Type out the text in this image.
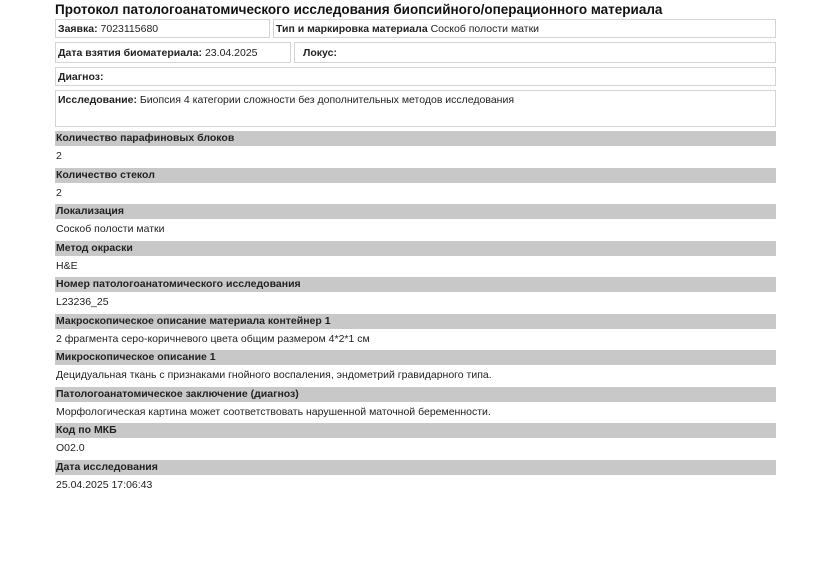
Протокол патологоанатомического исследования биопсийного/операционного материала
Заявка: 7023115680	Тип и маркировка материала Соскоб полости матки
Дата взятия биоматериала: 23.04.2025	Локус:
Диагноз:
Исследование: Биопсия 4 категории сложности без дополнительных методов исследования
Количество парафиновых блоков
2
Количество стекол
2
Локализация
Соскоб полости матки
Метод окраски
H&E
Номер патологоанатомического исследования
L23236_25
Макроскопическое описание материала контейнер 1
2 фрагмента серо-коричневого цвета общим размером 4*2*1 см
Микроскопическое описание 1
Децидуальная ткань с признаками гнойного воспаления, эндометрий гравидарного типа.
Патологоанатомическое заключение (диагноз)
Морфологическая картина может соответствовать нарушенной маточной беременности.
Код по МКБ
O02.0
Дата исследования
25.04.2025 17:06:43
